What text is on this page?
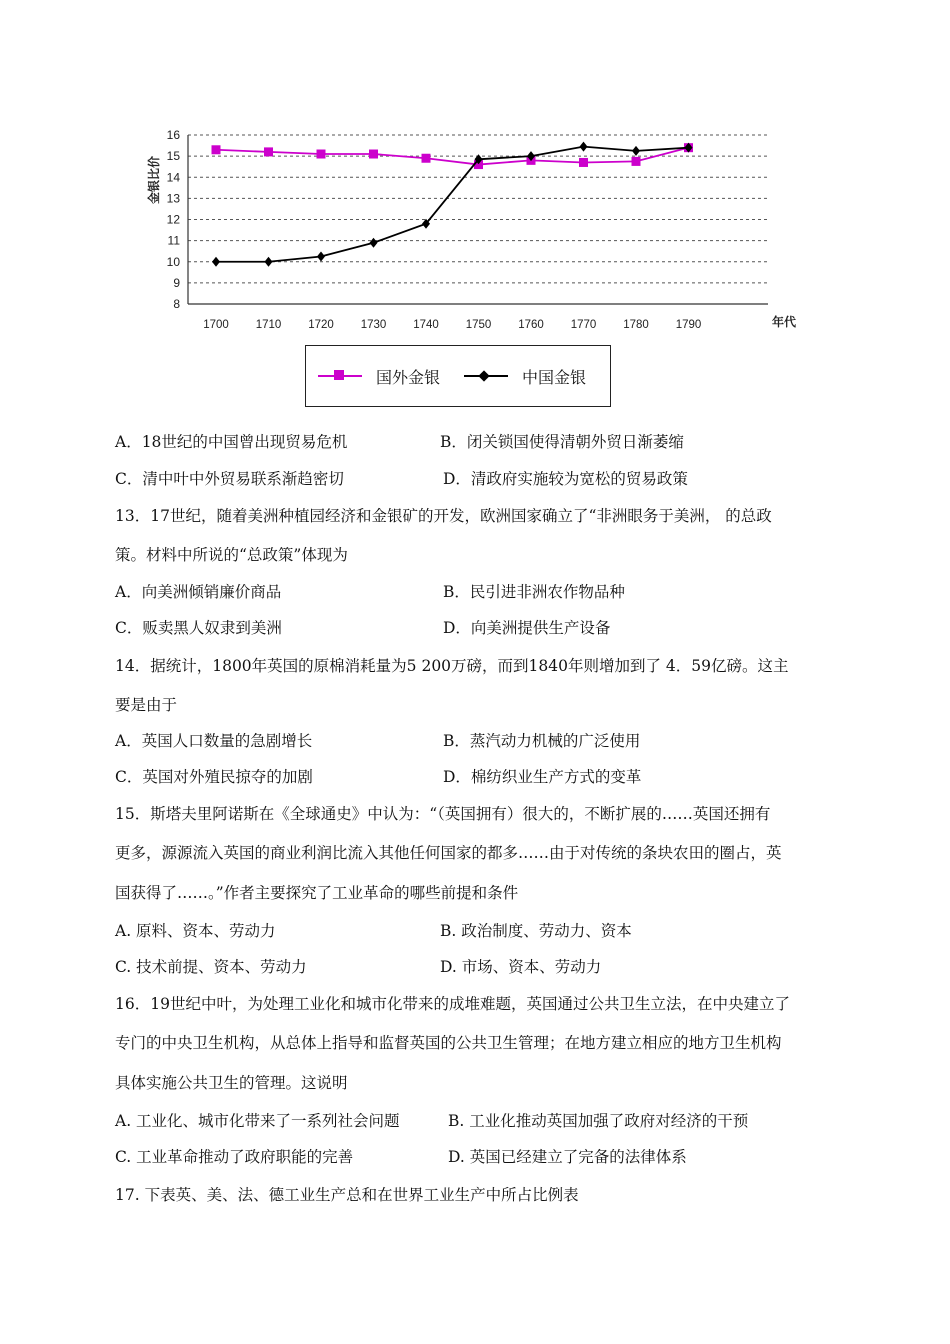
16
15
14
13
12
11
10
9
8
1700 1710 1720 1730 1740 1750 1760 1770 1780 1790
金银比价
年代
国外金银	中国金银
A．18世纪的中国曾出现贸易危机	B．闭关锁国使得清朝外贸日渐萎缩
C．清中叶中外贸易联系渐趋密切	D．清政府实施较为宽松的贸易政策
13．17世纪，随着美洲种植园经济和金银矿的开发，欧洲国家确立了“非洲眼务于美洲， 的总政
策。材料中所说的“总政策”体现为
A．向美洲倾销廉价商品	B．民引进非洲农作物品种
C．贩卖黑人奴隶到美洲	D．向美洲提供生产设备
14．据统计，1800年英国的原棉消耗量为5 200万磅，而到1840年则增加到了 4．59亿磅。这主
要是由于
A．英国人口数量的急剧增长	B．蒸汽动力机械的广泛使用
C．英国对外殖民掠夺的加剧	D．棉纺织业生产方式的变革
15．斯塔夫里阿诺斯在《全球通史》中认为：“（英国拥有）很大的，不断扩展的……英国还拥有
更多，源源流入英国的商业利润比流入其他任何国家的都多……由于对传统的条块农田的圈占，英
国获得了……。”作者主要探究了工业革命的哪些前提和条件
A. 原料、资本、劳动力	B. 政治制度、劳动力、资本
C. 技术前提、资本、劳动力	D. 市场、资本、劳动力
16．19世纪中叶，为处理工业化和城市化带来的成堆难题，英国通过公共卫生立法，在中央建立了
专门的中央卫生机构，从总体上指导和监督英国的公共卫生管理；在地方建立相应的地方卫生机构
具体实施公共卫生的管理。这说明
A. 工业化、城市化带来了一系列社会问题	B. 工业化推动英国加强了政府对经济的干预
C. 工业革命推动了政府职能的完善	D. 英国已经建立了完备的法律体系
17. 下表英、美、法、德工业生产总和在世界工业生产中所占比例表
